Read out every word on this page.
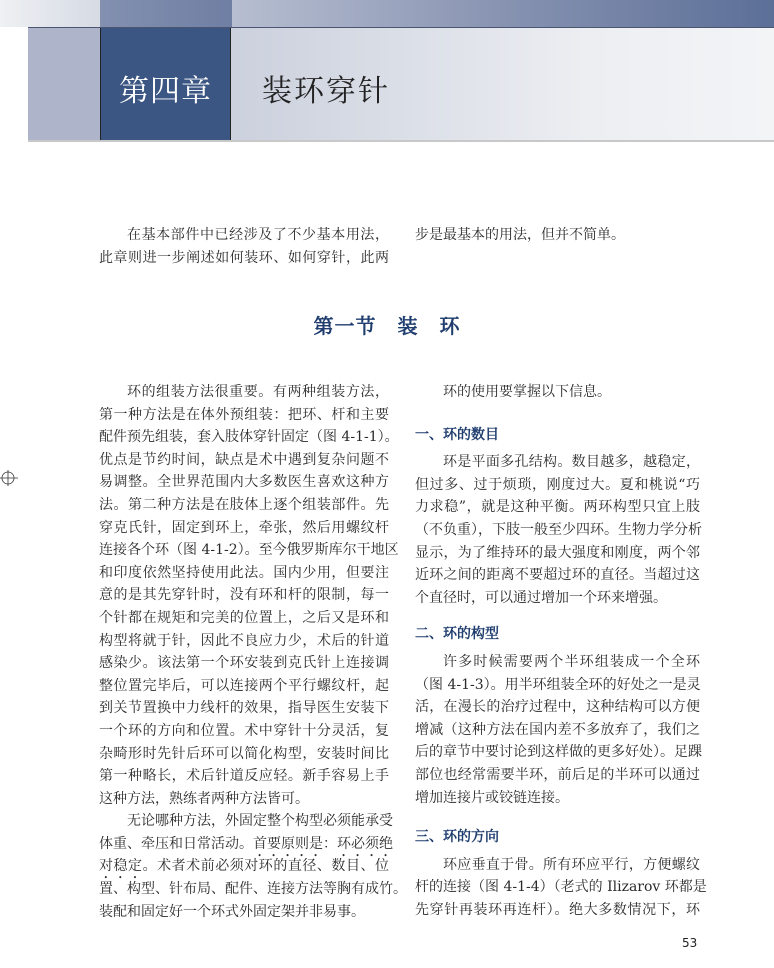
第四章	装环穿针
在基本部件中已经涉及了不少基本用法，
此章则进一步阐述如何装环、如何穿针，此两
步是最基本的用法，但并不简单。
第一节　装　环
环的组装方法很重要。有两种组装方法，
第一种方法是在体外预组装：把环、杆和主要
配件预先组装，套入肢体穿针固定（图 4-1-1）。
优点是节约时间，缺点是术中遇到复杂问题不
易调整。全世界范围内大多数医生喜欢这种方
法。第二种方法是在肢体上逐个组装部件。先
穿克氏针，固定到环上，牵张，然后用螺纹杆
连接各个环（图 4-1-2）。至今俄罗斯库尔干地区
和印度依然坚持使用此法。国内少用，但要注
意的是其先穿针时，没有环和杆的限制，每一
个针都在规矩和完美的位置上，之后又是环和
构型将就于针，因此不良应力少，术后的针道
感染少。该法第一个环安装到克氏针上连接调
整位置完毕后，可以连接两个平行螺纹杆，起
到关节置换中力线杆的效果，指导医生安装下
一个环的方向和位置。术中穿针十分灵活，复
杂畸形时先针后环可以简化构型，安装时间比
第一种略长，术后针道反应轻。新手容易上手
这种方法，熟练者两种方法皆可。
无论哪种方法，外固定整个构型必须能承受
体重、牵压和日常活动。首要原则是：环必须绝
对稳定。术者术前必须对环的直径、数目、位
置、构型、针布局、配件、连接方法等胸有成竹。
装配和固定好一个环式外固定架并非易事。
环的使用要掌握以下信息。
一、环的数目
环是平面多孔结构。数目越多，越稳定，
但过多、过于烦琐，刚度过大。夏和桃说“巧
力求稳”，就是这种平衡。两环构型只宜上肢
（不负重），下肢一般至少四环。生物力学分析
显示，为了维持环的最大强度和刚度，两个邻
近环之间的距离不要超过环的直径。当超过这
个直径时，可以通过增加一个环来增强。
二、环的构型
许多时候需要两个半环组装成一个全环
（图 4-1-3）。用半环组装全环的好处之一是灵
活，在漫长的治疗过程中，这种结构可以方便
增减（这种方法在国内差不多放弃了，我们之
后的章节中要讨论到这样做的更多好处）。足踝
部位也经常需要半环，前后足的半环可以通过
增加连接片或铰链连接。
三、环的方向
环应垂直于骨。所有环应平行，方便螺纹
杆的连接（图 4-1-4）（老式的 Ilizarov 环都是
先穿针再装环再连杆）。绝大多数情况下，环
53
